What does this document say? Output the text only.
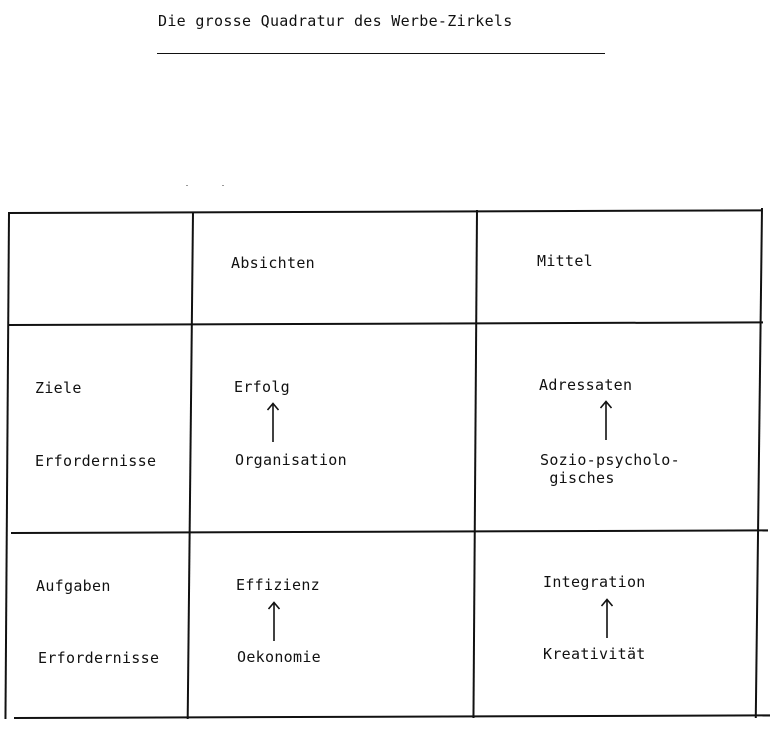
Die grosse Quadratur des Werbe-Zirkels
Absichten	Mittel
Ziele
Erfordernisse
Erfolg
Organisation
Adressaten
Sozio-psycholo-
gisches
Aufgaben
Erfordernisse
Effizienz
Oekonomie
Integration
Kreativität
